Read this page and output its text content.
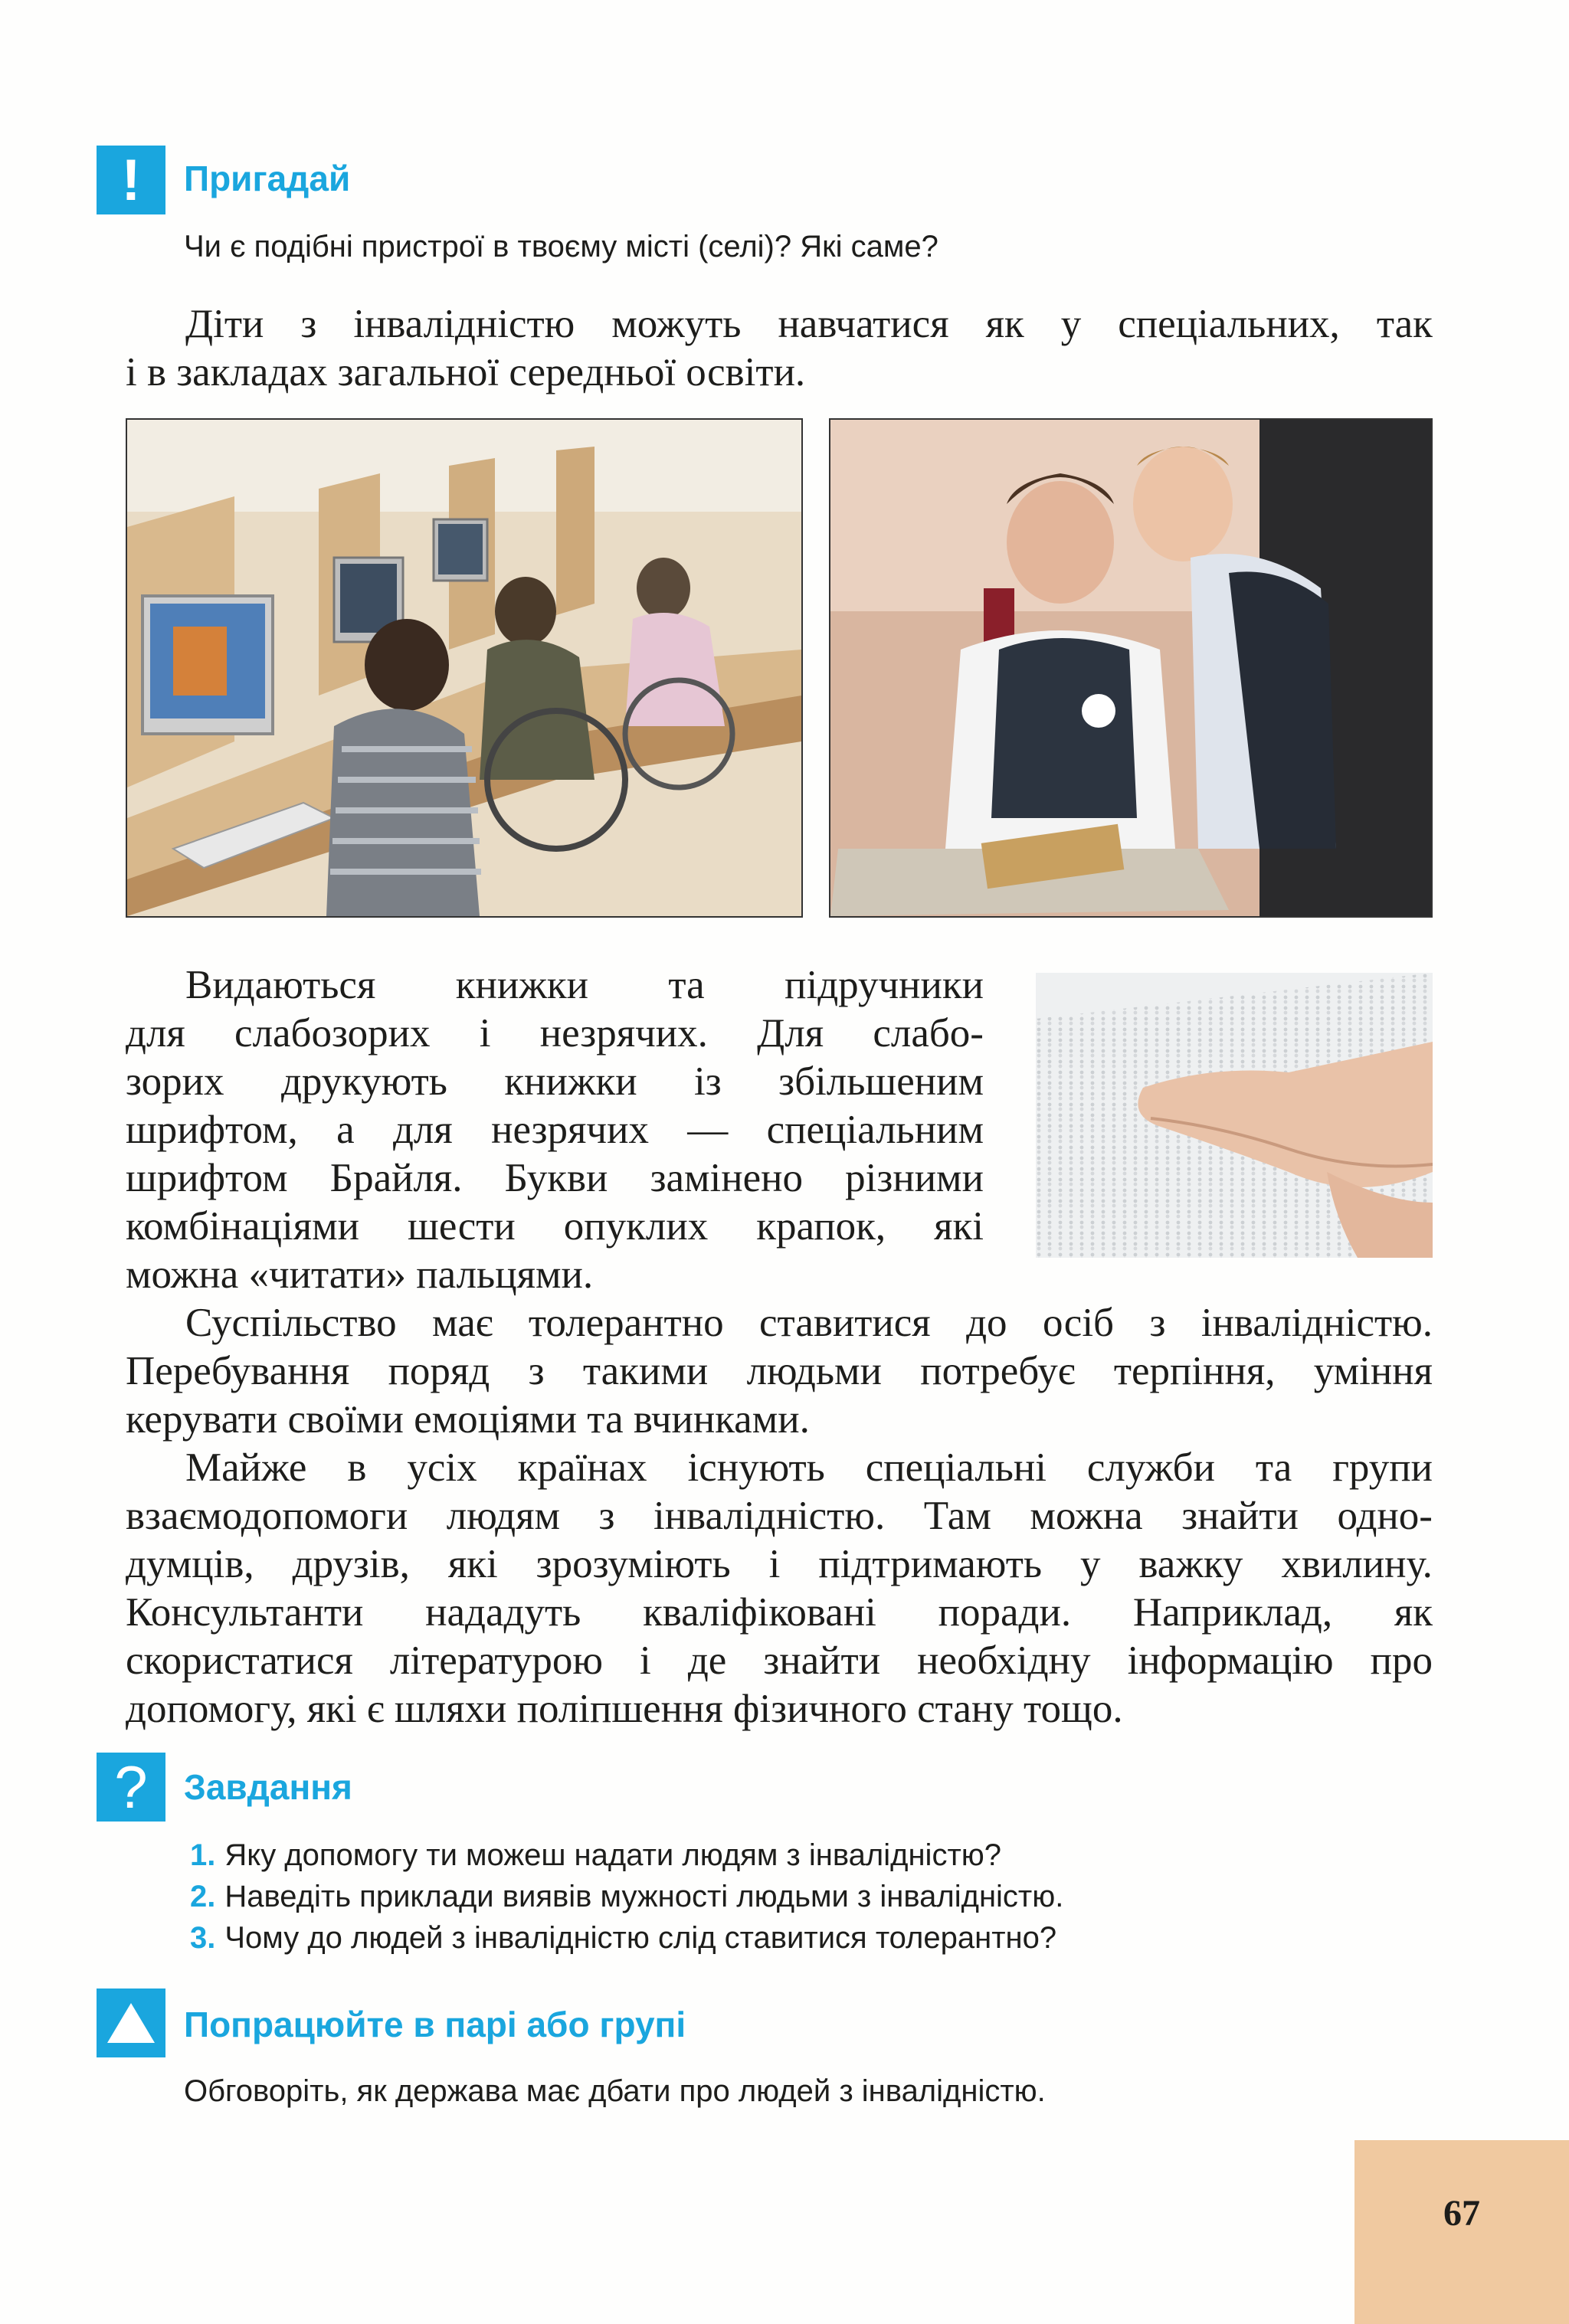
! Пригадай
Чи є подібні пристрої в твоєму місті (селі)? Які саме?
Діти з інвалідністю можуть навчатися як у спеціальних, так
і в закладах загальної середньої освіти.
Видаються книжки та підручники
для слабозорих і незрячих. Для слабо-
зорих друкують книжки із збільшеним
шрифтом, а для незрячих — спеціальним
шрифтом Брайля. Букви замінено різними
комбінаціями шести опуклих крапок, які
можна «читати» пальцями.
Суспільство має толерантно ставитися до осіб з інвалідністю.
Перебування поряд з такими людьми потребує терпіння, уміння
керувати своїми емоціями та вчинками.
Майже в усіх країнах існують спеціальні служби та групи
взаємодопомоги людям з інвалідністю. Там можна знайти одно-
думців, друзів, які зрозуміють і підтримають у важку хвилину.
Консультанти нададуть кваліфіковані поради. Наприклад, як
скористатися літературою і де знайти необхідну інформацію про
допомогу, які є шляхи поліпшення фізичного стану тощо.
? Завдання
1. Яку допомогу ти можеш надати людям з інвалідністю?
2. Наведіть приклади виявів мужності людьми з інвалідністю.
3. Чому до людей з інвалідністю слід ставитися толерантно?
Попрацюйте в парі або групі
Обговоріть, як держава має дбати про людей з інвалідністю.
67
